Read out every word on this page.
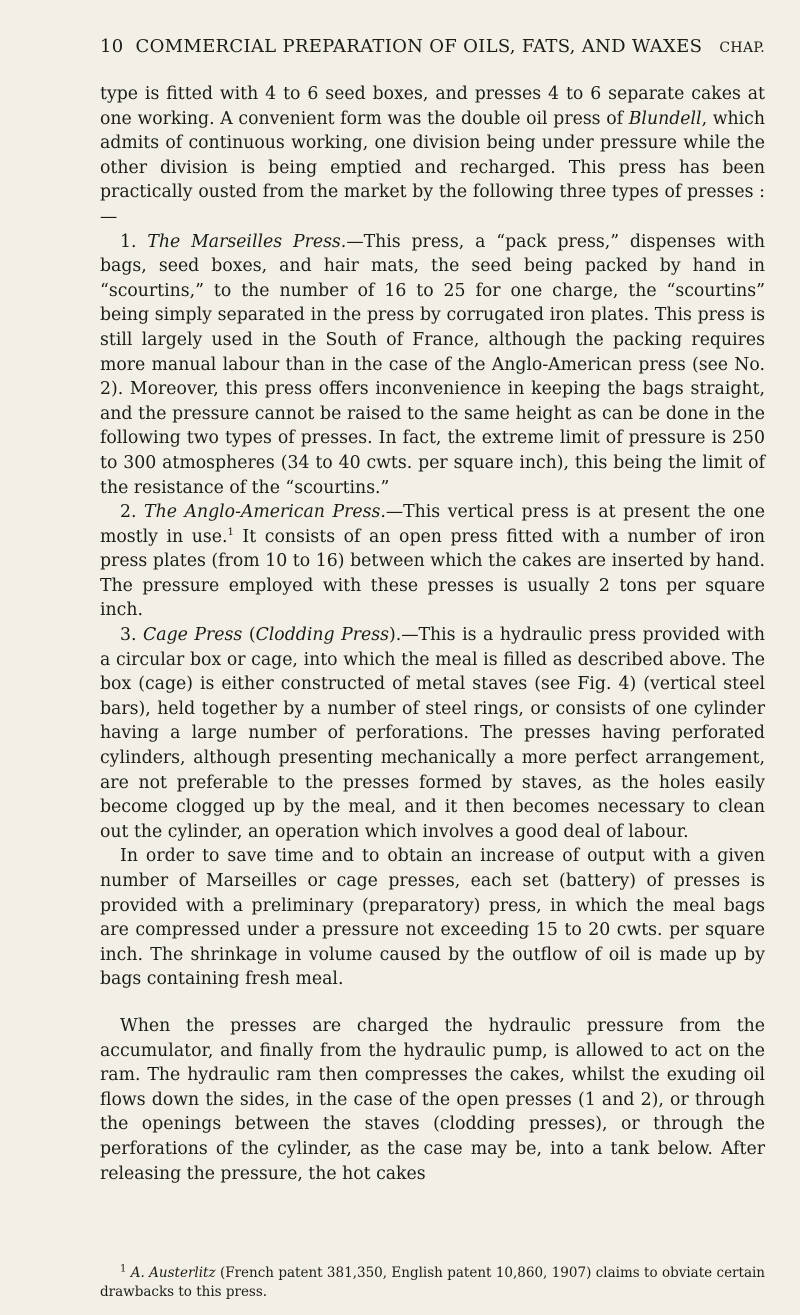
10 COMMERCIAL PREPARATION OF OILS, FATS, AND WAXES	CHAP.

type is fitted with 4 to 6 seed boxes, and presses 4 to 6 separate cakes at one working. A convenient form was the double oil press of Blundell, which admits of continuous working, one division being under pressure while the other division is being emptied and recharged. This press has been practically ousted from the market by the following three types of presses :—

1. The Marseilles Press.—This press, a “pack press,” dispenses with bags, seed boxes, and hair mats, the seed being packed by hand in “scourtins,” to the number of 16 to 25 for one charge, the “scourtins” being simply separated in the press by corrugated iron plates. This press is still largely used in the South of France, although the packing requires more manual labour than in the case of the Anglo-American press (see No. 2). Moreover, this press offers inconvenience in keeping the bags straight, and the pressure cannot be raised to the same height as can be done in the following two types of presses. In fact, the extreme limit of pressure is 250 to 300 atmospheres (34 to 40 cwts. per square inch), this being the limit of the resistance of the “scourtins.”

2. The Anglo-American Press.—This vertical press is at present the one mostly in use.$^1$ It consists of an open press fitted with a number of iron press plates (from 10 to 16) between which the cakes are inserted by hand. The pressure employed with these presses is usually 2 tons per square inch.

3. Cage Press (Clodding Press).—This is a hydraulic press provided with a circular box or cage, into which the meal is filled as described above. The box (cage) is either constructed of metal staves (see Fig. 4) (vertical steel bars), held together by a number of steel rings, or consists of one cylinder having a large number of perforations. The presses having perforated cylinders, although presenting mechanically a more perfect arrangement, are not preferable to the presses formed by staves, as the holes easily become clogged up by the meal, and it then becomes necessary to clean out the cylinder, an operation which involves a good deal of labour.

In order to save time and to obtain an increase of output with a given number of Marseilles or cage presses, each set (battery) of presses is provided with a preliminary (preparatory) press, in which the meal bags are compressed under a pressure not exceeding 15 to 20 cwts. per square inch. The shrinkage in volume caused by the outflow of oil is made up by bags containing fresh meal.

When the presses are charged the hydraulic pressure from the accumulator, and finally from the hydraulic pump, is allowed to act on the ram. The hydraulic ram then compresses the cakes, whilst the exuding oil flows down the sides, in the case of the open presses (1 and 2), or through the openings between the staves (clodding presses), or through the perforations of the cylinder, as the case may be, into a tank below. After releasing the pressure, the hot cakes

$^1$ A. Austerlitz (French patent 381,350, English patent 10,860, 1907) claims to obviate certain drawbacks to this press.
